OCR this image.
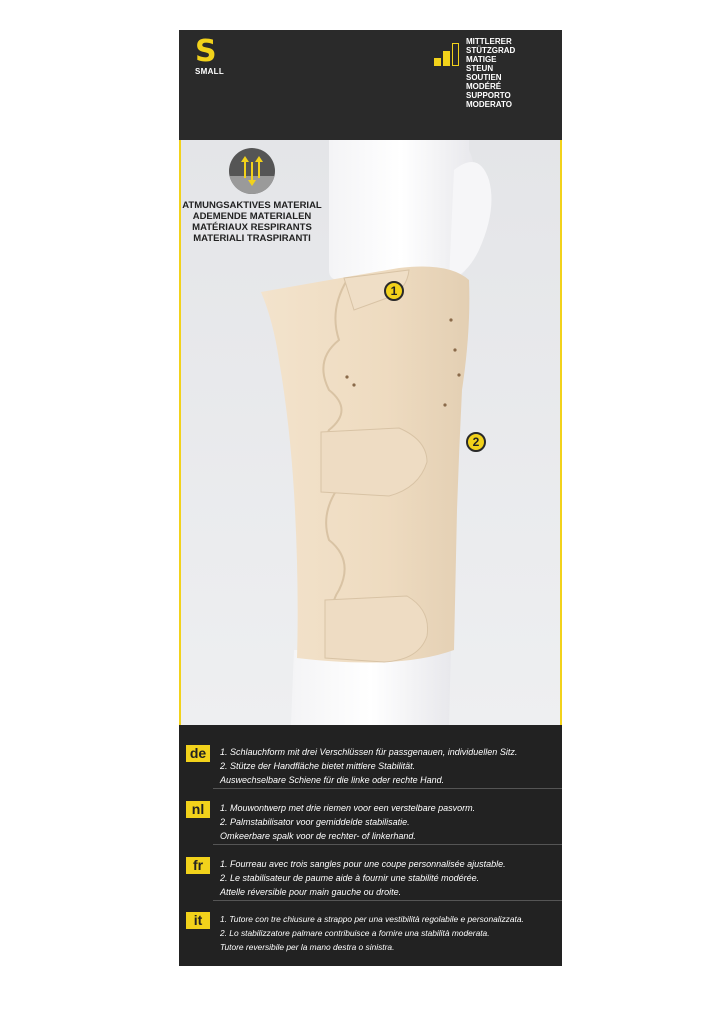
S
SMALL
MITTLERER
STÜTZGRAD
MATIGE
STEUN
SOUTIEN
MODÉRÉ
SUPPORTO
MODERATO
ATMUNGSAKTIVES MATERIAL
ADEMENDE MATERIALEN
MATÉRIAUX RESPIRANTS
MATERIALI TRASPIRANTI
1
2
de	1. Schlauchform mit drei Verschlüssen für passgenauen, individuellen Sitz.
2. Stütze der Handfläche bietet mittlere Stabilität.
Auswechselbare Schiene für die linke oder rechte Hand.
nl	1. Mouwontwerp met drie riemen voor een verstelbare pasvorm.
2. Palmstabilisator voor gemiddelde stabilisatie.
Omkeerbare spalk voor de rechter- of linkerhand.
fr	1. Fourreau avec trois sangles pour une coupe personnalisée ajustable.
2. Le stabilisateur de paume aide à fournir une stabilité modérée.
Attelle réversible pour main gauche ou droite.
it	1. Tutore con tre chiusure a strappo per una vestibilità regolabile e personalizzata.
2. Lo stabilizzatore palmare contribuisce a fornire una stabilità moderata.
Tutore reversibile per la mano destra o sinistra.
